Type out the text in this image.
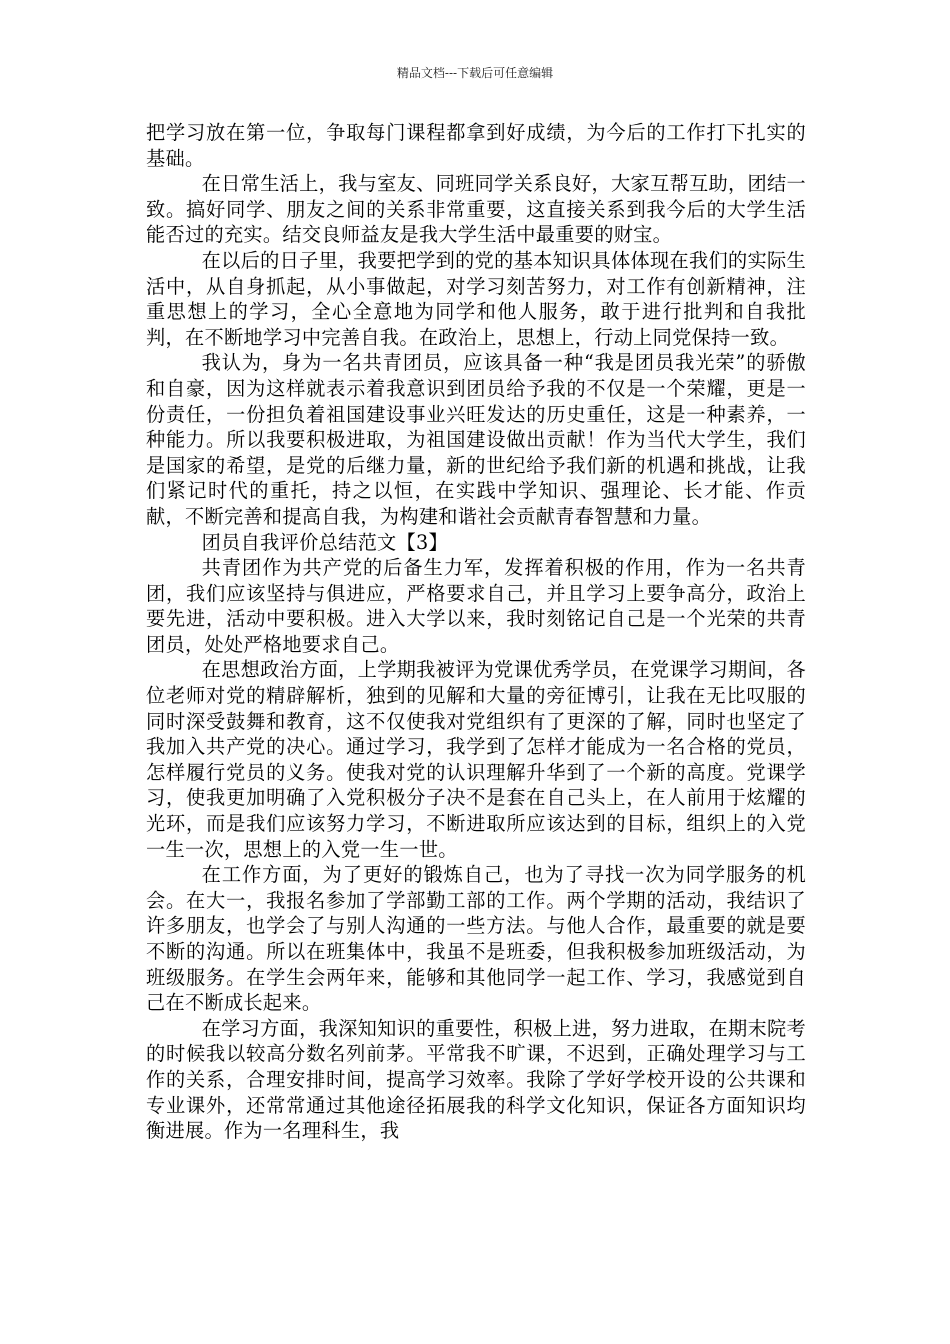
精品文档---下载后可任意编辑

把学习放在第一位，争取每门课程都拿到好成绩，为今后的工作打下扎实的基础。

在日常生活上，我与室友、同班同学关系良好，大家互帮互助，团结一致。搞好同学、朋友之间的关系非常重要，这直接关系到我今后的大学生活能否过的充实。结交良师益友是我大学生活中最重要的财宝。

在以后的日子里，我要把学到的党的基本知识具体体现在我们的实际生活中，从自身抓起，从小事做起，对学习刻苦努力，对工作有创新精神，注重思想上的学习，全心全意地为同学和他人服务，敢于进行批判和自我批判，在不断地学习中完善自我。在政治上，思想上，行动上同党保持一致。

我认为，身为一名共青团员，应该具备一种“我是团员我光荣”的骄傲和自豪，因为这样就表示着我意识到团员给予我的不仅是一个荣耀，更是一份责任，一份担负着祖国建设事业兴旺发达的历史重任，这是一种素养，一种能力。所以我要积极进取，为祖国建设做出贡献！作为当代大学生，我们是国家的希望，是党的后继力量，新的世纪给予我们新的机遇和挑战，让我们紧记时代的重托，持之以恒，在实践中学知识、强理论、长才能、作贡献，不断完善和提高自我，为构建和谐社会贡献青春智慧和力量。

团员自我评价总结范文【3】

共青团作为共产党的后备生力军，发挥着积极的作用，作为一名共青团，我们应该坚持与俱进应，严格要求自己，并且学习上要争高分，政治上要先进，活动中要积极。进入大学以来，我时刻铭记自己是一个光荣的共青团员，处处严格地要求自己。

在思想政治方面，上学期我被评为党课优秀学员，在党课学习期间，各位老师对党的精辟解析，独到的见解和大量的旁征博引，让我在无比叹服的同时深受鼓舞和教育，这不仅使我对党组织有了更深的了解，同时也坚定了我加入共产党的决心。通过学习，我学到了怎样才能成为一名合格的党员，怎样履行党员的义务。使我对党的认识理解升华到了一个新的高度。党课学习，使我更加明确了入党积极分子决不是套在自己头上，在人前用于炫耀的光环，而是我们应该努力学习，不断进取所应该达到的目标，组织上的入党一生一次，思想上的入党一生一世。

在工作方面，为了更好的锻炼自己，也为了寻找一次为同学服务的机会。在大一，我报名参加了学部勤工部的工作。两个学期的活动，我结识了许多朋友，也学会了与别人沟通的一些方法。与他人合作，最重要的就是要不断的沟通。所以在班集体中，我虽不是班委，但我积极参加班级活动，为班级服务。在学生会两年来，能够和其他同学一起工作、学习，我感觉到自己在不断成长起来。

在学习方面，我深知知识的重要性，积极上进，努力进取，在期末院考的时候我以较高分数名列前茅。平常我不旷课，不迟到，正确处理学习与工作的关系，合理安排时间，提高学习效率。我除了学好学校开设的公共课和专业课外，还常常通过其他途径拓展我的科学文化知识，保证各方面知识均衡进展。作为一名理科生，我
